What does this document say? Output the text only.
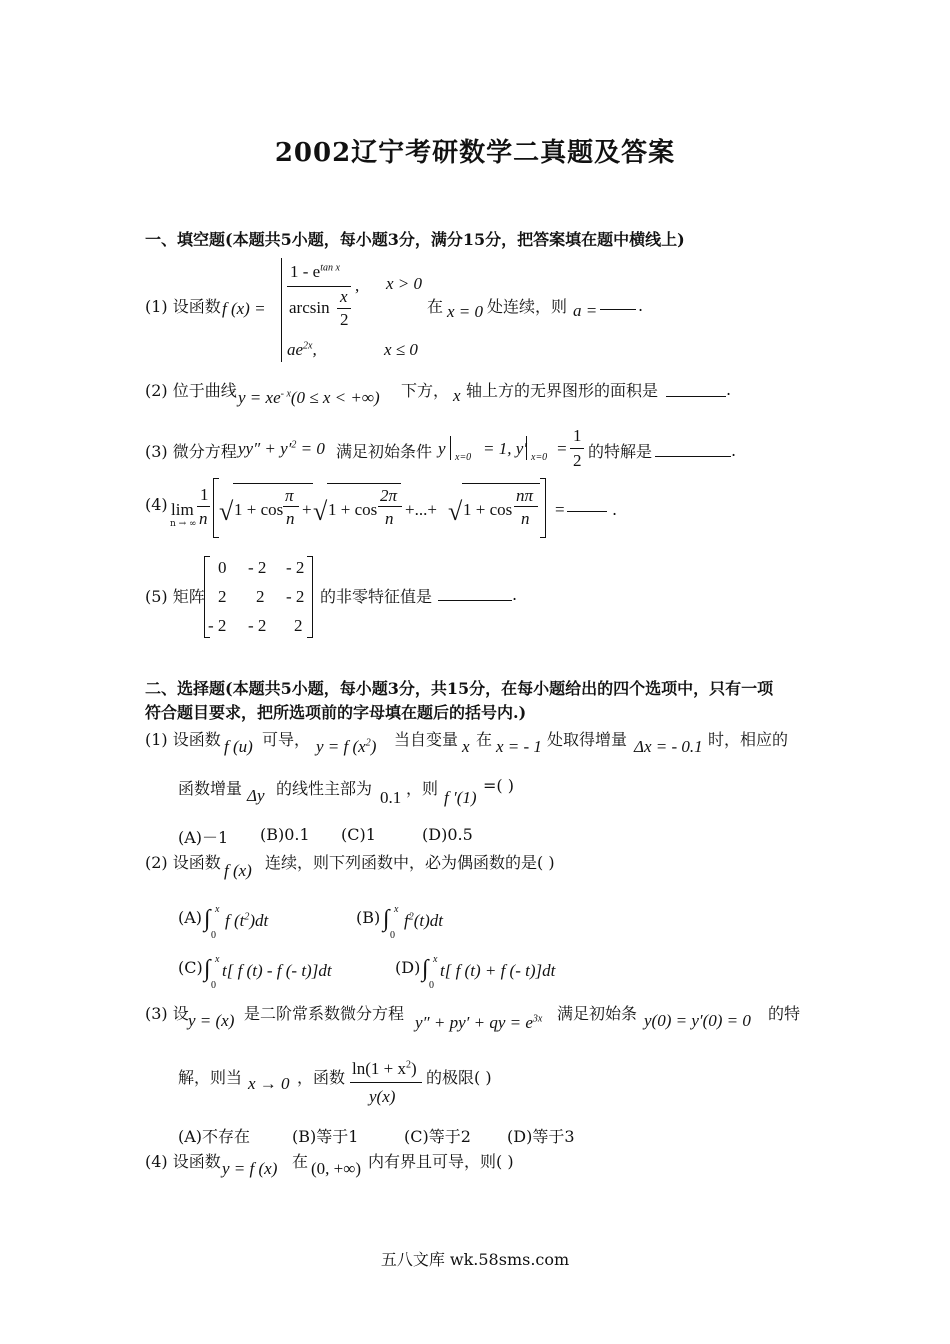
2002辽宁考研数学二真题及答案
一、填空题(本题共5小题，每小题3分，满分15分，把答案填在题中横线上)
(1) 设函数 f (x) =
$1 - e^{tan x}$
arcsin
x
2
, x > 0
$ae^{2x}$,	x ≤ 0
在 x = 0 处连续，则 a =	.
(2) 位于曲线 $y = xe^{- x}(0 \le x$ < +∞) 下方， x 轴上方的无界图形的面积是	.
(3) 微分方程 $yy'' + y'^2 = 0$ 满足初始条件 y x=0 = 1, y′ x=0 =
1
2 的特解是	.
(4) lim
n → ∞
1
n √ 1 + cos
π
n + √ 1 + cos
2π
n +...+ √ 1 + cos
nπ
n =	.
(5) 矩阵
0 - 2 - 2
2 2 - 2
- 2 - 2 2
的非零特征值是	.
二、选择题(本题共5小题，每小题3分，共15分，在每小题给出的四个选项中，只有一项
符合题目要求，把所选项前的字母填在题后的括号内.)
(1) 设函数 f (u) 可导， y = f $(x^2)$ 当自变量 x 在 x = - 1 处取得增量 Δx = - 0.1 时，相应的
函数增量 Δy 的线性主部为 0.1 ，则 f ′(1)
=( )
(A)－1 (B)0.1 (C)1	(D)0.5
(2) 设函数 f (x) 连续，则下列函数中，必为偶函数的是( )
(A) ∫ x
0
f $(t^2)dt$	(B) ∫ x
0
$f^2(t)dt$
(C) ∫ x
0
t[ f (t) - f (- t)]dt	(D) ∫ x
0
t[ f (t) + f (- t)]dt
(3) 设 y = (x) 是二阶常系数微分方程 y″ + py′ + qy = $e^{3x}$ 满足初始条 y(0) = y′(0) = 0 的特
解，则当 x → 0 ，函数 $\ln(1 + x^2)$
y(x)
的极限( )
(A)不存在	(B)等于1	(C)等于2 (D)等于3
(4) 设函数 y = f (x) 在 (0, +∞) 内有界且可导，则( )
五八文库 wk.58sms.com
